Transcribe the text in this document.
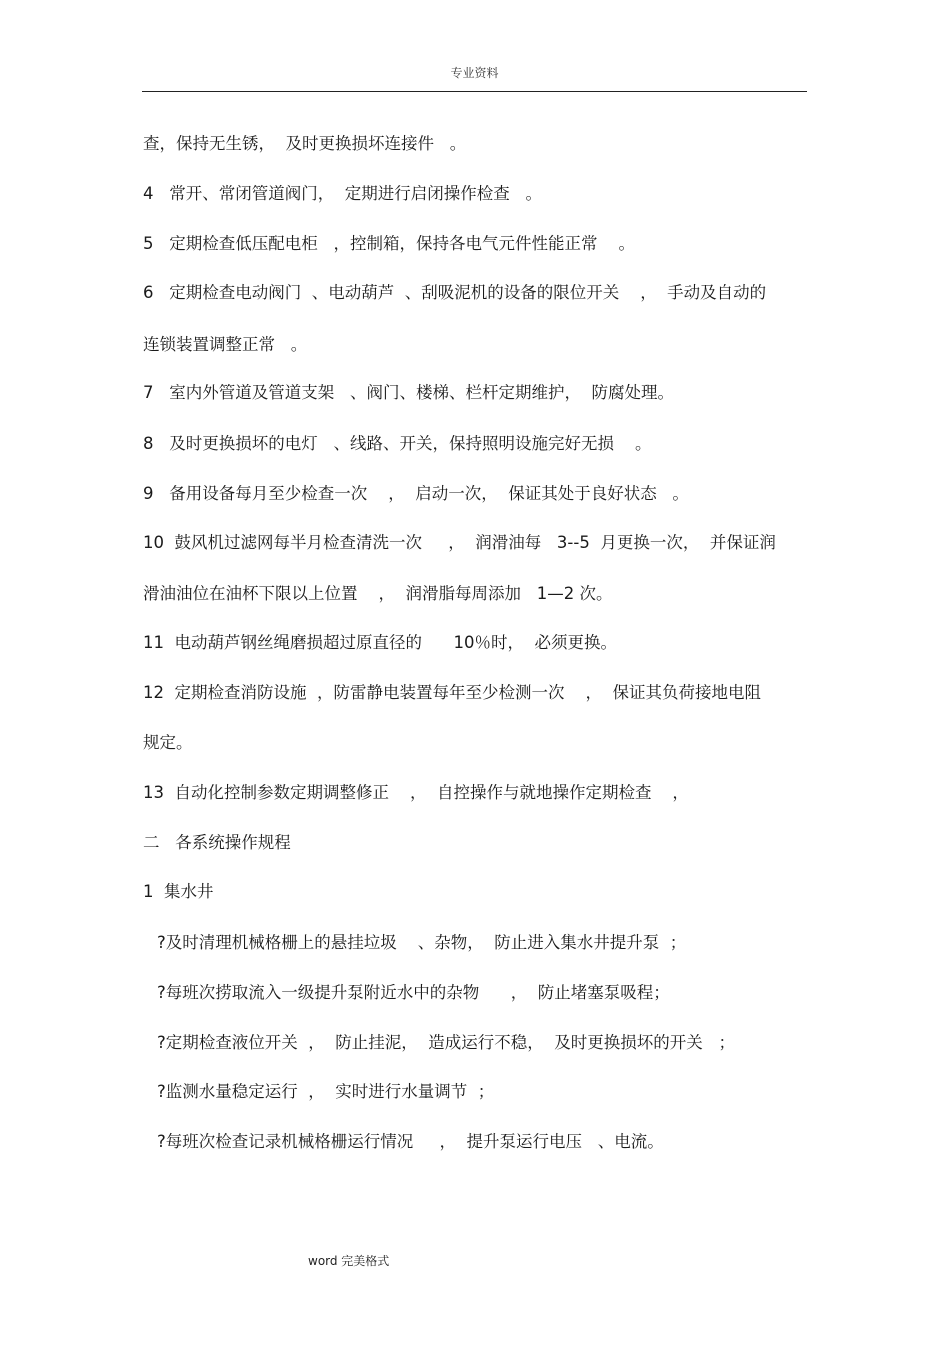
专业资料
查，保持无生锈，  及时更换损坏连接件   。
4   常开、常闭管道阀门，  定期进行启闭操作检查   。
5   定期检查低压配电柜   ，控制箱，保持各电气元件性能正常    。
6   定期检查电动阀门  、电动葫芦  、刮吸泥机的设备的限位开关    ，  手动及自动的
连锁装置调整正常   。
7   室内外管道及管道支架   、阀门、楼梯、栏杆定期维护，  防腐处理。
8   及时更换损坏的电灯   、线路、开关，保持照明设施完好无损    。
9   备用设备每月至少检查一次    ，  启动一次，  保证其处于良好状态   。
10  鼓风机过滤网每半月检查清洗一次     ，  润滑油每   3--5  月更换一次，  并保证润
滑油油位在油杯下限以上位置    ，  润滑脂每周添加   1—2 次。
11  电动葫芦钢丝绳磨损超过原直径的      10％时，  必须更换。
12  定期检查消防设施  ，防雷静电装置每年至少检测一次    ，  保证其负荷接地电阻
规定。
13  自动化控制参数定期调整修正    ，  自控操作与就地操作定期检查    ，
二   各系统操作规程
1  集水井
?及时清理机械格栅上的悬挂垃圾    、杂物，  防止进入集水井提升泵  ；
?每班次捞取流入一级提升泵附近水中的杂物      ，  防止堵塞泵吸程；
?定期检查液位开关  ，  防止挂泥，  造成运行不稳，  及时更换损坏的开关   ；
?监测水量稳定运行  ，  实时进行水量调节  ；
?每班次检查记录机械格栅运行情况     ，  提升泵运行电压   、电流。
word 完美格式
